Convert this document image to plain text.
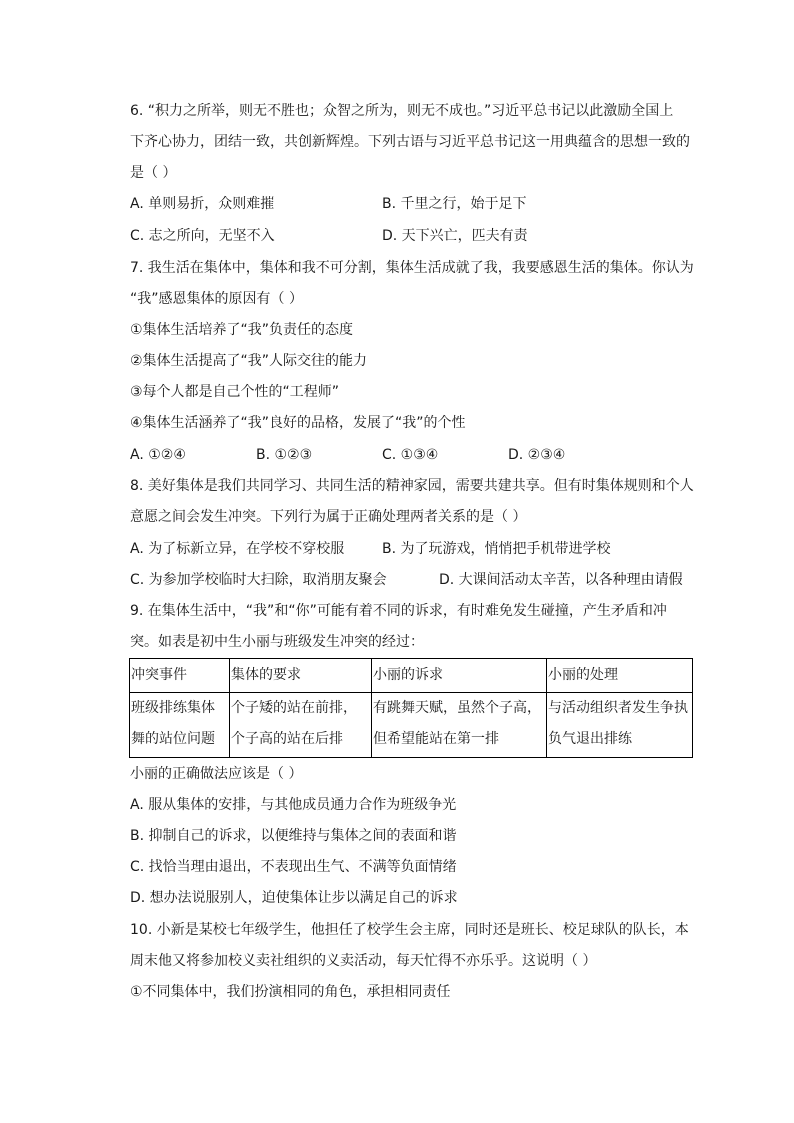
6. “积力之所举，则无不胜也；众智之所为，则无不成也。”习近平总书记以此激励全国上
下齐心协力，团结一致，共创新辉煌。下列古语与习近平总书记这一用典蕴含的思想一致的
是（ ）
A. 单则易折，众则难摧	B. 千里之行，始于足下
C. 志之所向，无坚不入	D. 天下兴亡，匹夫有责
7. 我生活在集体中，集体和我不可分割，集体生活成就了我，我要感恩生活的集体。你认为
“我”感恩集体的原因有（ ）
①集体生活培养了“我”负责任的态度
②集体生活提高了“我”人际交往的能力
③每个人都是自己个性的“工程师”
④集体生活涵养了“我”良好的品格，发展了“我”的个性
A. ①②④	B. ①②③	C. ①③④	D. ②③④
8. 美好集体是我们共同学习、共同生活的精神家园，需要共建共享。但有时集体规则和个人
意愿之间会发生冲突。下列行为属于正确处理两者关系的是（ ）
A. 为了标新立异，在学校不穿校服	B. 为了玩游戏，悄悄把手机带进学校
C. 为参加学校临时大扫除，取消朋友聚会	D. 大课间活动太辛苦，以各种理由请假
9. 在集体生活中，“我”和“你”可能有着不同的诉求，有时难免发生碰撞，产生矛盾和冲
突。如表是初中生小丽与班级发生冲突的经过：
冲突事件	集体的要求	小丽的诉求	小丽的处理

班级排练集体舞的站位问题	个子矮的站在前排，个子高的站在后排	有跳舞天赋，虽然个子高，但希望能站在第一排	与活动组织者发生争执负气退出排练
小丽的正确做法应该是（ ）
A. 服从集体的安排，与其他成员通力合作为班级争光
B. 抑制自己的诉求，以便维持与集体之间的表面和谐
C. 找恰当理由退出，不表现出生气、不满等负面情绪
D. 想办法说服别人，迫使集体让步以满足自己的诉求
10. 小新是某校七年级学生，他担任了校学生会主席，同时还是班长、校足球队的队长，本
周末他又将参加校义卖社组织的义卖活动，每天忙得不亦乐乎。这说明（ ）
①不同集体中，我们扮演相同的角色，承担相同责任
